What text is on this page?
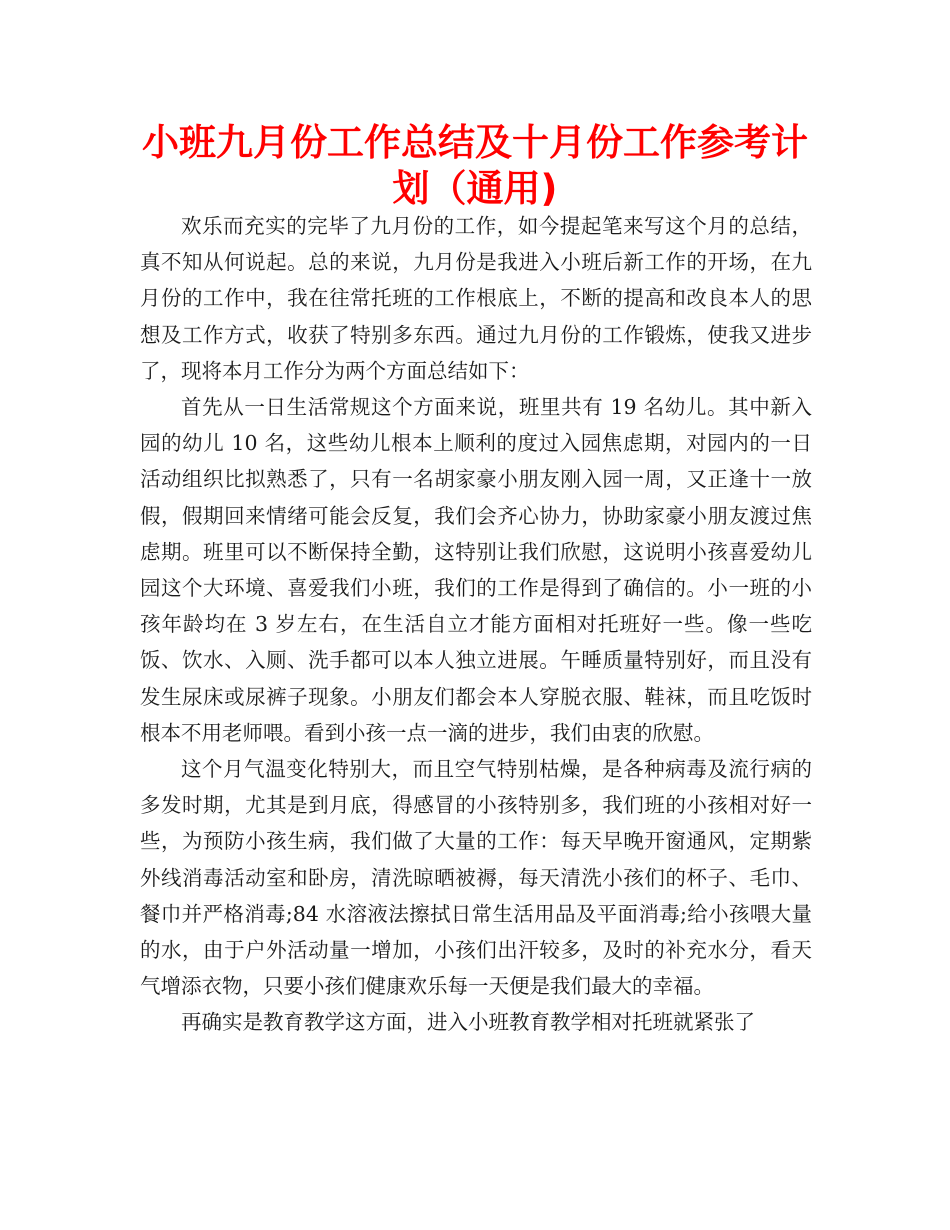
小班九月份工作总结及十月份工作参考计划（通用)

欢乐而充实的完毕了九月份的工作，如今提起笔来写这个月的总结，真不知从何说起。总的来说，九月份是我进入小班后新工作的开场，在九月份的工作中，我在往常托班的工作根底上，不断的提高和改良本人的思想及工作方式，收获了特别多东西。通过九月份的工作锻炼，使我又进步了，现将本月工作分为两个方面总结如下：

首先从一日生活常规这个方面来说，班里共有 19 名幼儿。其中新入园的幼儿 10 名，这些幼儿根本上顺利的度过入园焦虑期，对园内的一日活动组织比拟熟悉了，只有一名胡家豪小朋友刚入园一周，又正逢十一放假，假期回来情绪可能会反复，我们会齐心协力，协助家豪小朋友渡过焦虑期。班里可以不断保持全勤，这特别让我们欣慰，这说明小孩喜爱幼儿园这个大环境、喜爱我们小班，我们的工作是得到了确信的。小一班的小孩年龄均在 3 岁左右，在生活自立才能方面相对托班好一些。像一些吃饭、饮水、入厕、洗手都可以本人独立进展。午睡质量特别好，而且没有发生尿床或尿裤子现象。小朋友们都会本人穿脱衣服、鞋袜，而且吃饭时根本不用老师喂。看到小孩一点一滴的进步，我们由衷的欣慰。

这个月气温变化特别大，而且空气特别枯燥，是各种病毒及流行病的多发时期，尤其是到月底，得感冒的小孩特别多，我们班的小孩相对好一些，为预防小孩生病，我们做了大量的工作：每天早晚开窗通风，定期紫外线消毒活动室和卧房，清洗晾晒被褥，每天清洗小孩们的杯子、毛巾、餐巾并严格消毒;84 水溶液法擦拭日常生活用品及平面消毒;给小孩喂大量的水，由于户外活动量一增加，小孩们出汗较多，及时的补充水分，看天气增添衣物，只要小孩们健康欢乐每一天便是我们最大的幸福。

再确实是教育教学这方面，进入小班教育教学相对托班就紧张了
